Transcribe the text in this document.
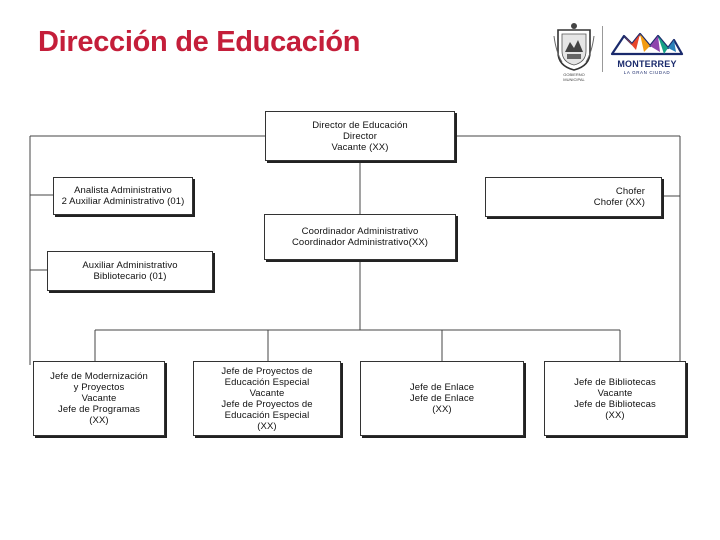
Dirección de Educación
GOBIERNO MUNICIPAL
MONTERREY
LA GRAN CIUDAD
Director de Educación
Director
Vacante (XX)
Analista Administrativo
2 Auxiliar Administrativo (01)
Chofer
Chofer (XX)
Coordinador Administrativo
Coordinador Administrativo(XX)
Auxiliar Administrativo
Bibliotecario (01)
Jefe de Modernización
y Proyectos
Vacante
Jefe de Programas
(XX)
Jefe de Proyectos de
Educación Especial
Vacante
Jefe de Proyectos de
Educación Especial
(XX)
Jefe de Enlace
Jefe de Enlace
(XX)
Jefe de Bibliotecas
Vacante
Jefe de Bibliotecas
(XX)
